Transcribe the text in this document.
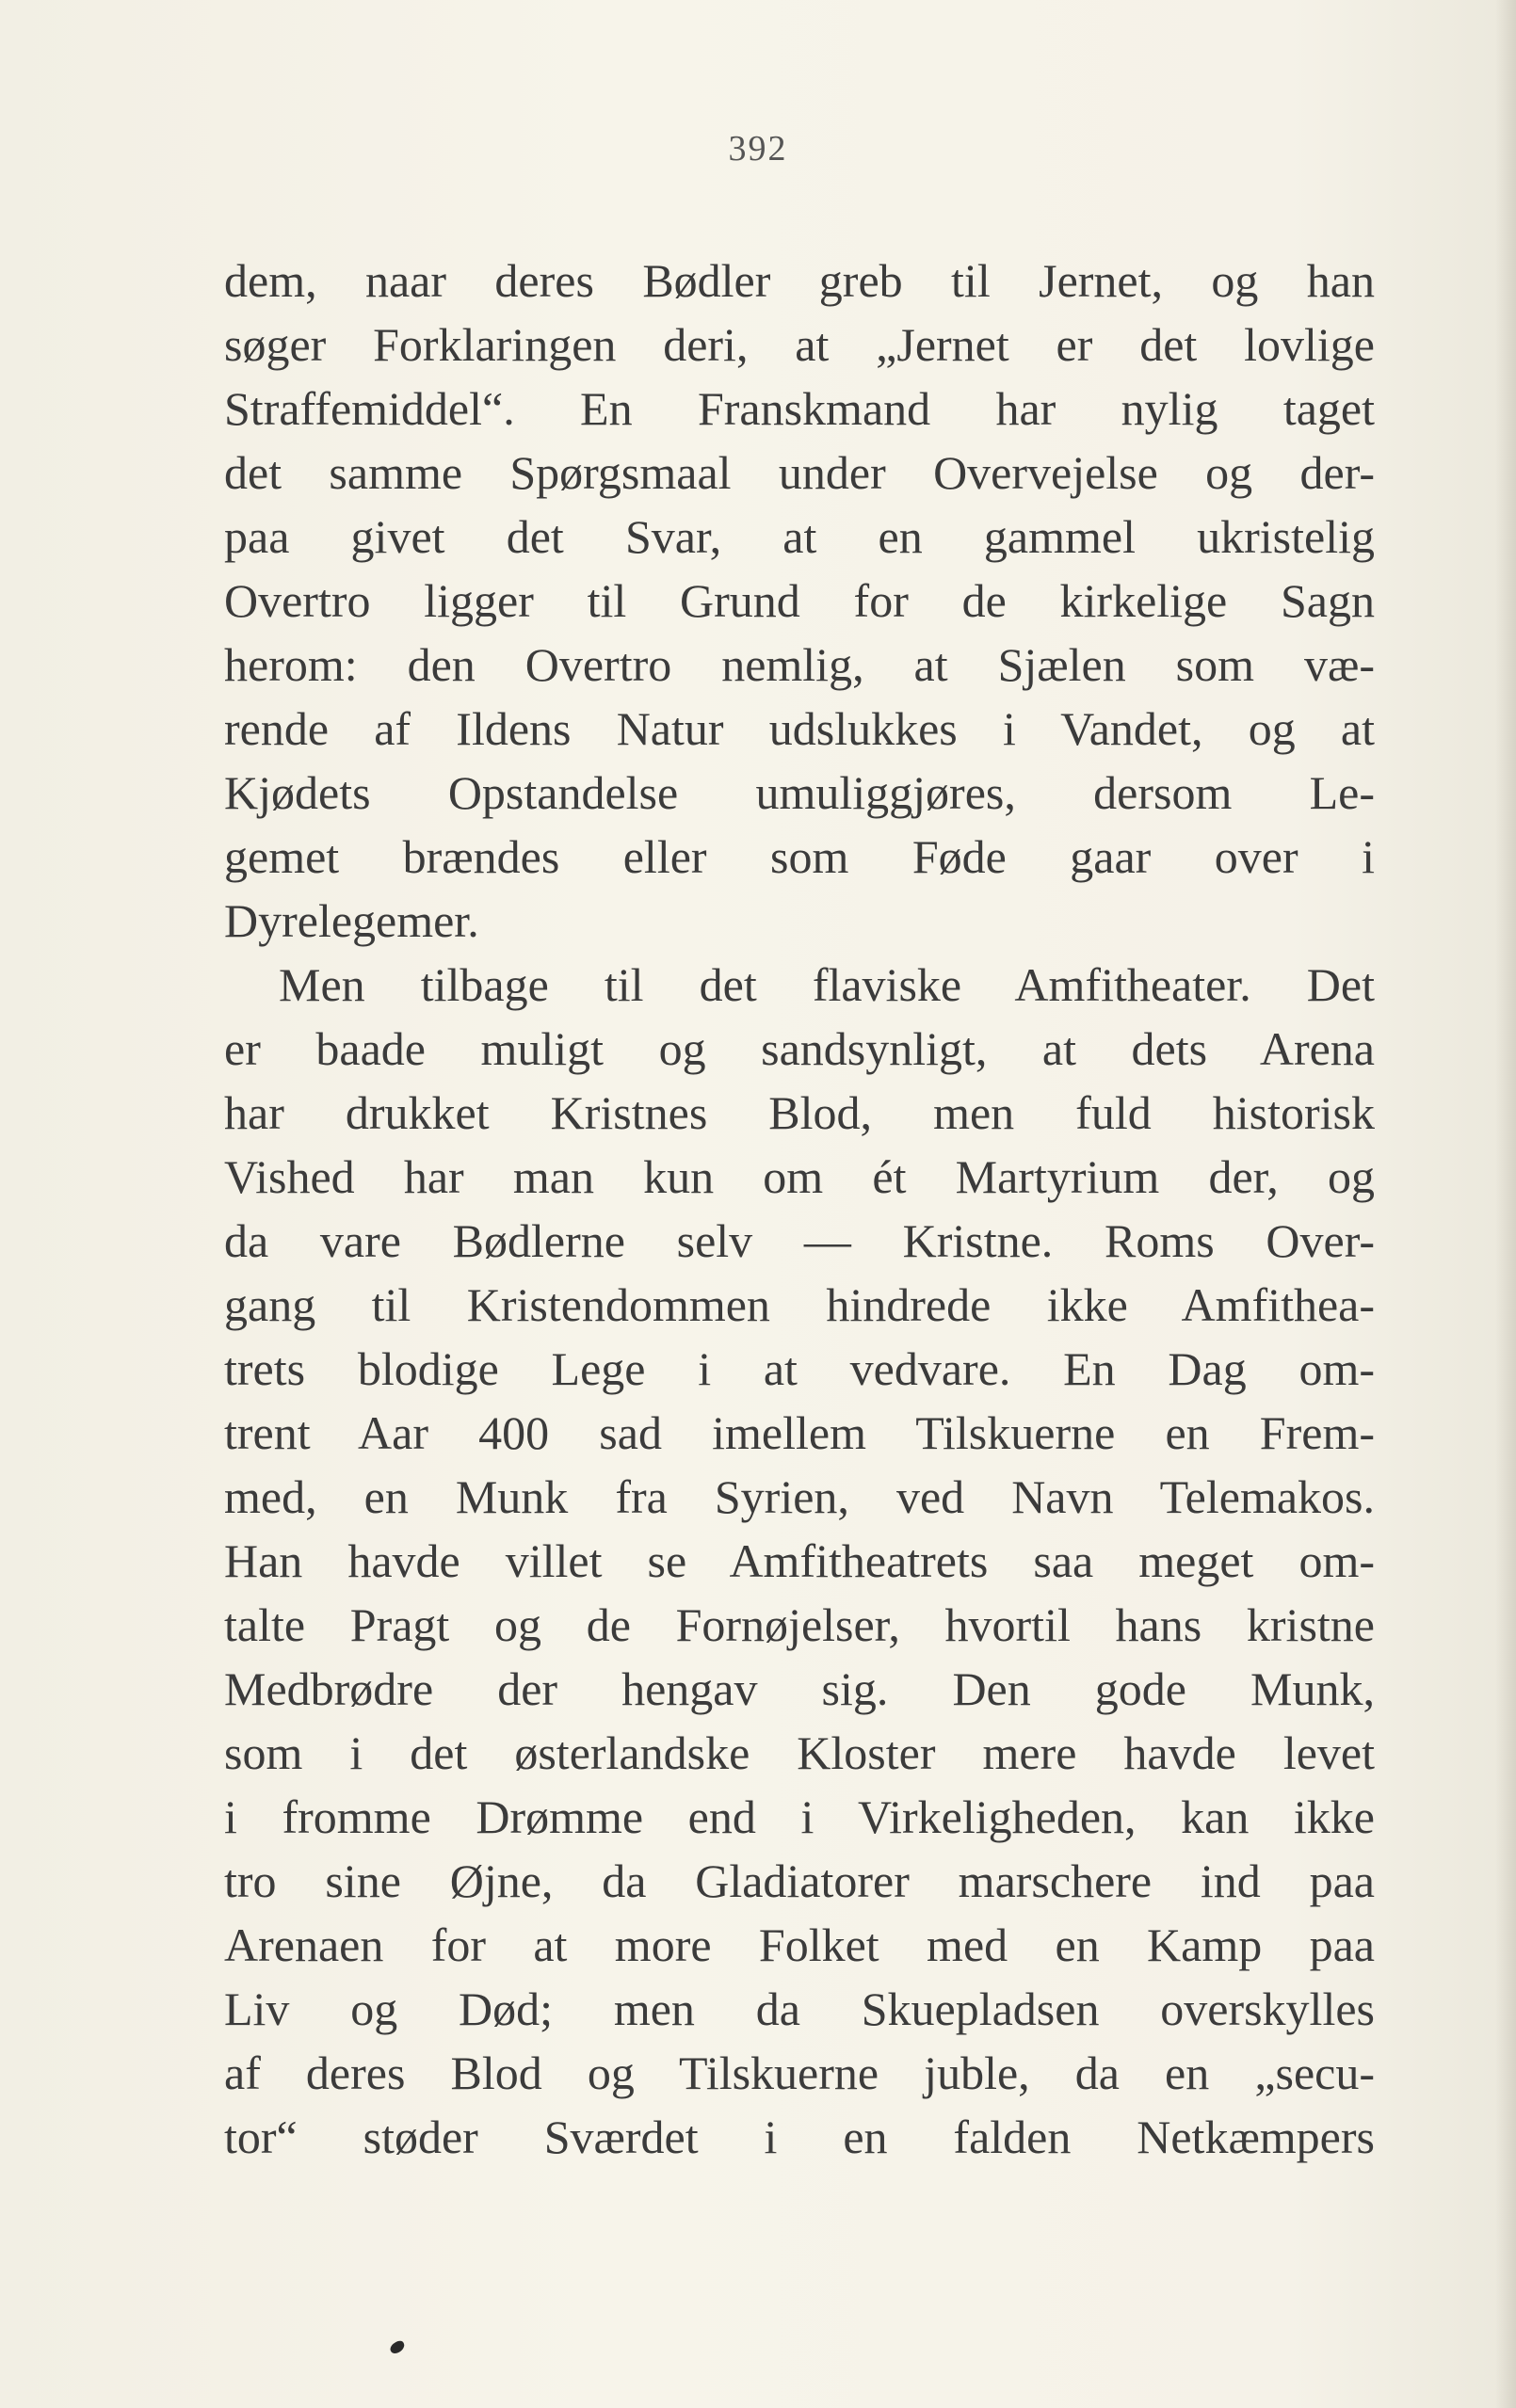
392
dem, naar deres Bødler greb til Jernet, og han
søger Forklaringen deri, at „Jernet er det lovlige
Straffemiddel“. En Franskmand har nylig taget
det samme Spørgsmaal under Overvejelse og der-
paa givet det Svar, at en gammel ukristelig
Overtro ligger til Grund for de kirkelige Sagn
herom: den Overtro nemlig, at Sjælen som væ-
rende af Ildens Natur udslukkes i Vandet, og at
Kjødets Opstandelse umuliggjøres, dersom Le-
gemet brændes eller som Føde gaar over i
Dyrelegemer.
Men tilbage til det flaviske Amfitheater. Det
er baade muligt og sandsynligt, at dets Arena
har drukket Kristnes Blod, men fuld historisk
Vished har man kun om ét Martyrium der, og
da vare Bødlerne selv — Kristne. Roms Over-
gang til Kristendommen hindrede ikke Amfithea-
trets blodige Lege i at vedvare. En Dag om-
trent Aar 400 sad imellem Tilskuerne en Frem-
med, en Munk fra Syrien, ved Navn Telemakos.
Han havde villet se Amfitheatrets saa meget om-
talte Pragt og de Fornøjelser, hvortil hans kristne
Medbrødre der hengav sig. Den gode Munk,
som i det østerlandske Kloster mere havde levet
i fromme Drømme end i Virkeligheden, kan ikke
tro sine Øjne, da Gladiatorer marschere ind paa
Arenaen for at more Folket med en Kamp paa
Liv og Død; men da Skuepladsen overskylles
af deres Blod og Tilskuerne juble, da en „secu-
tor“ støder Sværdet i en falden Netkæmpers
